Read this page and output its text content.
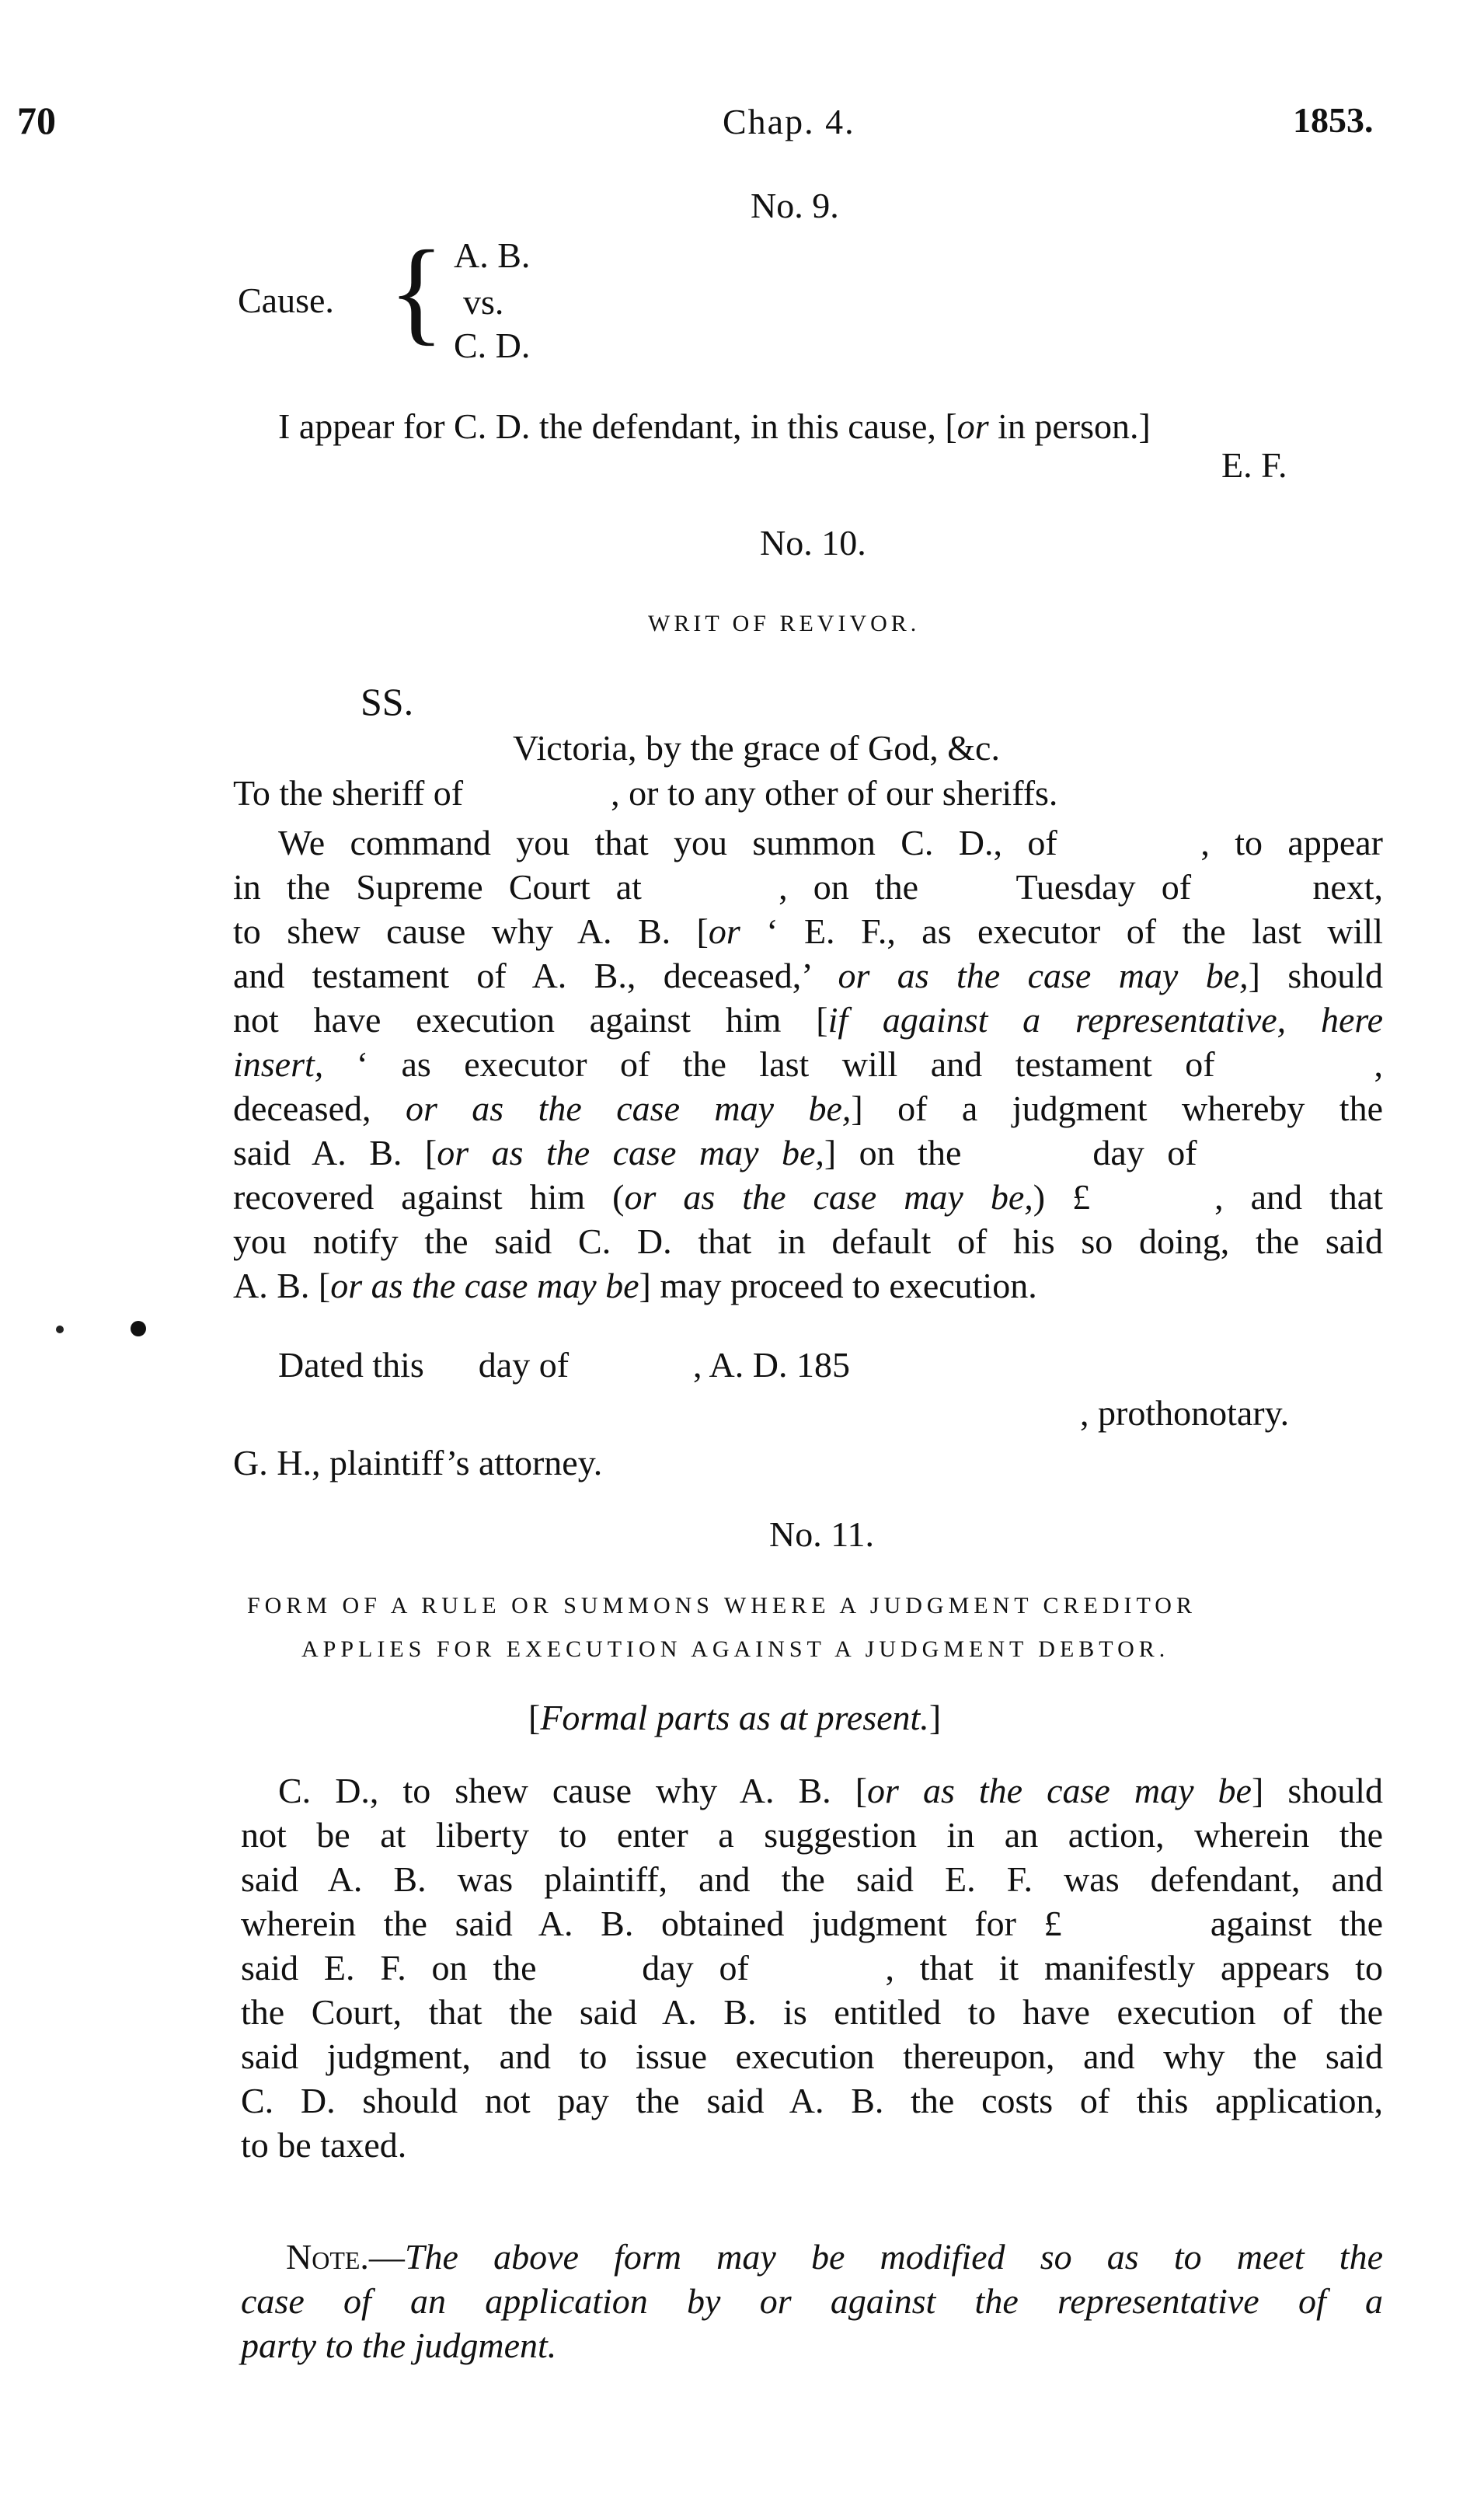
70	Chap. 4.	1853.
No. 9.
Cause. { A. B.
vs.
C. D.
I appear for C. D. the defendant, in this cause, [or in person.]
E. F.
No. 10.
WRIT OF REVIVOR.
SS.
Victoria, by the grace of God, &c.
To the sheriff of	, or to any other of our sheriffs.
We command you that you summon C. D., of	, to appear
in the Supreme Court at	, on the	Tuesday of	next,
to shew cause why A. B. [or ‘ E. F., as executor of the last will
and testament of A. B., deceased,’ or as the case may be,] should
not have execution against him [if against a representative, here
insert, ‘ as executor of the last will and testament of	,
deceased, or as the case may be,] of a judgment whereby the
said A. B. [or as the case may be,] on the	day of
recovered against him (or as the case may be,) £	, and that
you notify the said C. D. that in default of his so doing, the said
A. B. [or as the case may be] may proceed to execution.
Dated this day of	, A. D. 185
, prothonotary.
G. H., plaintiff’s attorney.
No. 11.
FORM OF A RULE OR SUMMONS WHERE A JUDGMENT CREDITOR
APPLIES FOR EXECUTION AGAINST A JUDGMENT DEBTOR.
[Formal parts as at present.]
C. D., to shew cause why A. B. [or as the case may be] should
not be at liberty to enter a suggestion in an action, wherein the
said A. B. was plaintiff, and the said E. F. was defendant, and
wherein the said A. B. obtained judgment for £	against the
said E. F. on the	day of	, that it manifestly appears to
the Court, that the said A. B. is entitled to have execution of the
said judgment, and to issue execution thereupon, and why the said
C. D. should not pay the said A. B. the costs of this application,
to be taxed.
Note.—The above form may be modified so as to meet the
case of an application by or against the representative of a
party to the judgment.
